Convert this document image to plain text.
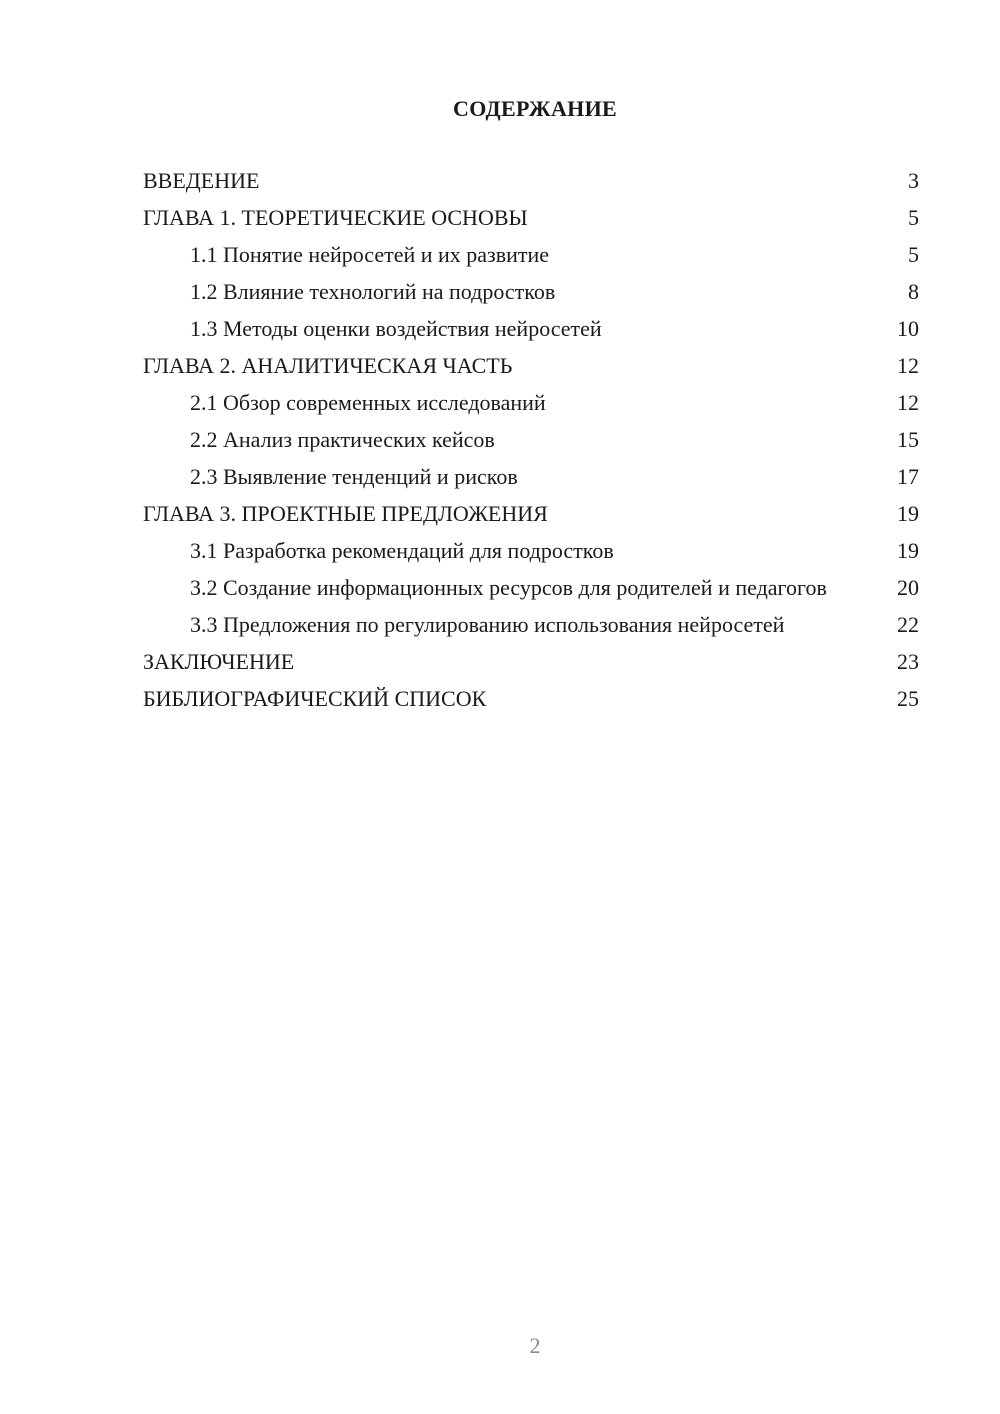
СОДЕРЖАНИЕ
ВВЕДЕНИЕ	3
ГЛАВА 1. ТЕОРЕТИЧЕСКИЕ ОСНОВЫ	5
1.1 Понятие нейросетей и их развитие	5
1.2 Влияние технологий на подростков	8
1.3 Методы оценки воздействия нейросетей	10
ГЛАВА 2. АНАЛИТИЧЕСКАЯ ЧАСТЬ	12
2.1 Обзор современных исследований	12
2.2 Анализ практических кейсов	15
2.3 Выявление тенденций и рисков	17
ГЛАВА 3. ПРОЕКТНЫЕ ПРЕДЛОЖЕНИЯ	19
3.1 Разработка рекомендаций для подростков	19
3.2 Создание информационных ресурсов для родителей и педагогов	20
3.3 Предложения по регулированию использования нейросетей	22
ЗАКЛЮЧЕНИЕ	23
БИБЛИОГРАФИЧЕСКИЙ СПИСОК	25
2
